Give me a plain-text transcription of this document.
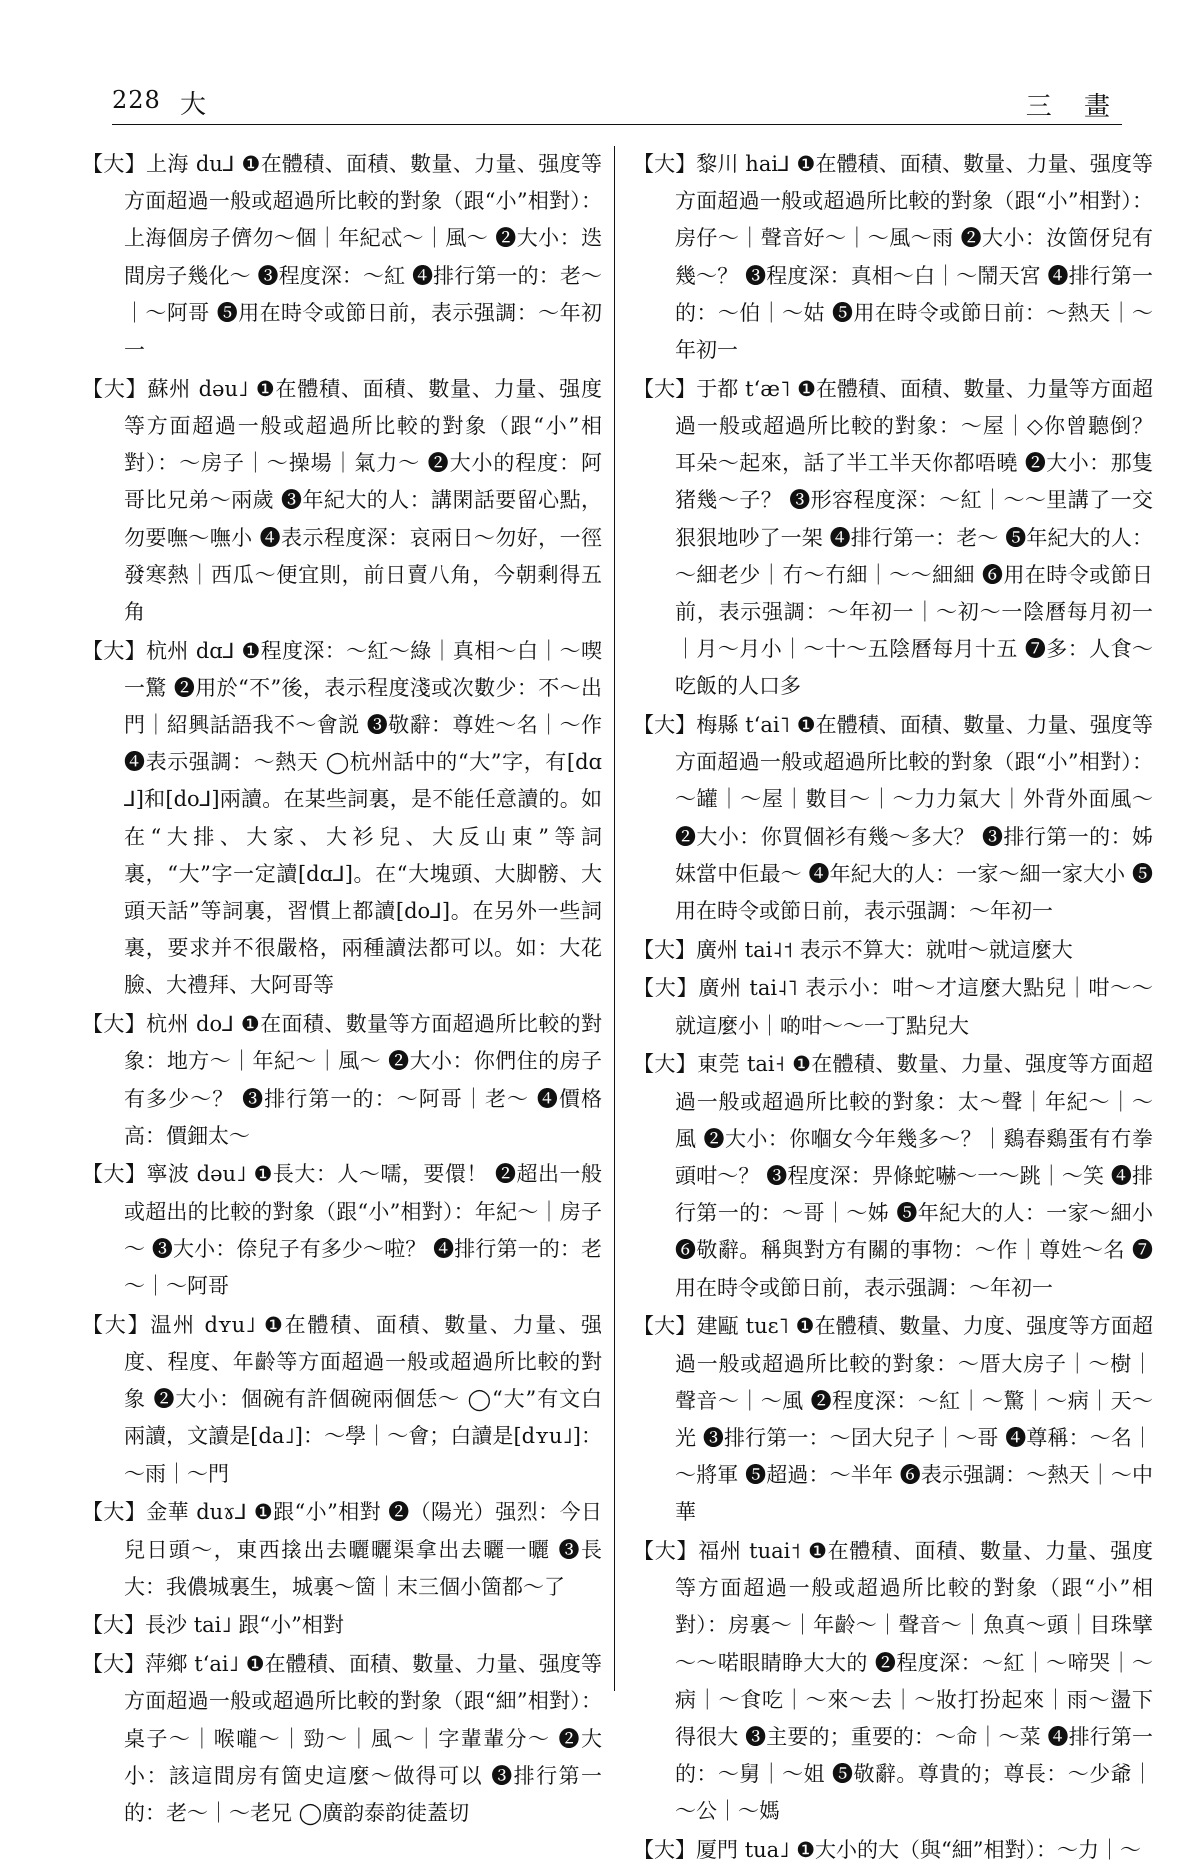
228 大	三 畫

【大】上海 du⅃ ❶在體積、面積、數量、力量、强度等方面超過一般或超過所比較的對象（跟“小”相對）：上海個房子儕勿～個｜年紀忒～｜風～ ❷大小：迭間房子幾化～ ❸程度深：～紅 ❹排行第一的：老～｜～阿哥 ❺用在時令或節日前，表示强調：～年初一

【大】蘇州 dəu˩ ❶在體積、面積、數量、力量、强度等方面超過一般或超過所比較的對象（跟“小”相對）：～房子｜～操場｜氣力～ ❷大小的程度：阿哥比兄弟～兩歲 ❸年紀大的人：講閑話要留心點，勿要嘸～嘸小 ❹表示程度深：哀兩日～勿好，一徑發寒熱｜西瓜～便宜則，前日賣八角，今朝剩得五角

【大】杭州 dɑ⅃ ❶程度深：～紅～綠｜真相～白｜～喫一驚 ❷用於“不”後，表示程度淺或次數少：不～出門｜紹興話語我不～會説 ❸敬辭：尊姓～名｜～作 ❹表示强調：～熱天 ◯杭州話中的“大”字，有[dɑ⅃]和[do⅃]兩讀。在某些詞裏，是不能任意讀的。如在“大排、大家、大衫兒、大反山東”等詞裏，“大”字一定讀[dɑ⅃]。在“大塊頭、大脚髈、大頭天話”等詞裏，習慣上都讀[do⅃]。在另外一些詞裏，要求并不很嚴格，兩種讀法都可以。如：大花臉、大禮拜、大阿哥等

【大】杭州 do⅃ ❶在面積、數量等方面超過所比較的對象：地方～｜年紀～｜風～ ❷大小：你們住的房子有多少～？ ❸排行第一的：～阿哥｜老～ ❹價格高：價鈿太～

【大】寧波 dəu˩ ❶長大：人～嚅，要儇！ ❷超出一般或超出的比較的對象（跟“小”相對）：年紀～｜房子～ ❸大小：倷兒子有多少～啦？ ❹排行第一的：老～｜～阿哥

【大】温州 dʏu˩ ❶在體積、面積、數量、力量、强度、程度、年齡等方面超過一般或超過所比較的對象 ❷大小：個碗有許個碗兩個恁～ ◯“大”有文白兩讀，文讀是[da˩]：～學｜～會；白讀是[dʏu˩]：～雨｜～門

【大】金華 duɤ⅃ ❶跟“小”相對 ❷（陽光）强烈：今日兒日頭～，東西搇出去曬曬渠拿出去曬一曬 ❸長大：我儂城裏生，城裏～箇｜末三個小箇都～了

【大】長沙 tai˩ 跟“小”相對

【大】萍鄉 tʻai˩ ❶在體積、面積、數量、力量、强度等方面超過一般或超過所比較的對象（跟“細”相對）：桌子～｜喉嚨～｜勁～｜風～｜字輩輩分～ ❷大小：該這間房有箇史這麼～做得可以 ❸排行第一的：老～｜～老兄 ◯廣韵泰韵徒蓋切

【大】黎川 hai⅃ ❶在體積、面積、數量、力量、强度等方面超過一般或超過所比較的對象（跟“小”相對）：房仔～｜聲音好～｜～風～雨 ❷大小：汝箇伢兒有幾～？ ❸程度深：真相～白｜～鬧天宮 ❹排行第一的：～伯｜～姑 ❺用在時令或節日前：～熱天｜～年初一

【大】于都 tʻæ˥ ❶在體積、面積、數量、力量等方面超過一般或超過所比較的對象：～屋｜◇你曾聽倒？耳朵～起來，話了半工半天你都唔曉 ❷大小：那隻猪幾～子？ ❸形容程度深：～紅｜～～里講了一交狠狠地吵了一架 ❹排行第一：老～ ❺年紀大的人：～細老少｜冇～冇細｜～～細細 ❻用在時令或節日前，表示强調：～年初一｜～初～一陰曆每月初一｜月～月小｜～十～五陰曆每月十五 ❼多：人食～吃飯的人口多

【大】梅縣 tʻai˥ ❶在體積、面積、數量、力量、强度等方面超過一般或超過所比較的對象（跟“小”相對）：～罐｜～屋｜數目～｜～力力氣大｜外背外面風～ ❷大小：你買個衫有幾～多大？ ❸排行第一的：姊妹當中佢最～ ❹年紀大的人：一家～細一家大小 ❺用在時令或節日前，表示强調：～年初一

【大】廣州 tai˨˦ 表示不算大：就咁～就這麼大

【大】廣州 tai˨˥ 表示小：咁～才這麼大點兒｜咁～～就這麼小｜啲咁～～一丁點兒大

【大】東莞 tai˧ ❶在體積、數量、力量、强度等方面超過一般或超過所比較的對象：太～聲｜年紀～｜～風 ❷大小：你嗰女今年幾多～？｜鷄春鷄蛋有冇拳頭咁～？ ❸程度深：畀條蛇嚇～一～跳｜～笑 ❹排行第一的：～哥｜～姊 ❺年紀大的人：一家～細小 ❻敬辭。稱與對方有關的事物：～作｜尊姓～名 ❼用在時令或節日前，表示强調：～年初一

【大】建甌 tuɛ˥ ❶在體積、數量、力度、强度等方面超過一般或超過所比較的對象：～厝大房子｜～樹｜聲音～｜～風 ❷程度深：～紅｜～驚｜～病｜天～光 ❸排行第一：～囝大兒子｜～哥 ❹尊稱：～名｜～將軍 ❺超過：～半年 ❻表示强調：～熱天｜～中華

【大】福州 tuai˦ ❶在體積、面積、數量、力量、强度等方面超過一般或超過所比較的對象（跟“小”相對）：房裏～｜年齡～｜聲音～｜魚真～頭｜目珠擘～～喏眼睛睁大大的 ❷程度深：～紅｜～啼哭｜～病｜～食吃｜～來～去｜～妝打扮起來｜雨～盪下得很大 ❸主要的；重要的：～命｜～菜 ❹排行第一的：～舅｜～姐 ❺敬辭。尊貴的；尊長：～少爺｜～公｜～媽

【大】厦門 tua˩ ❶大小的大（與“細”相對）：～力｜～
